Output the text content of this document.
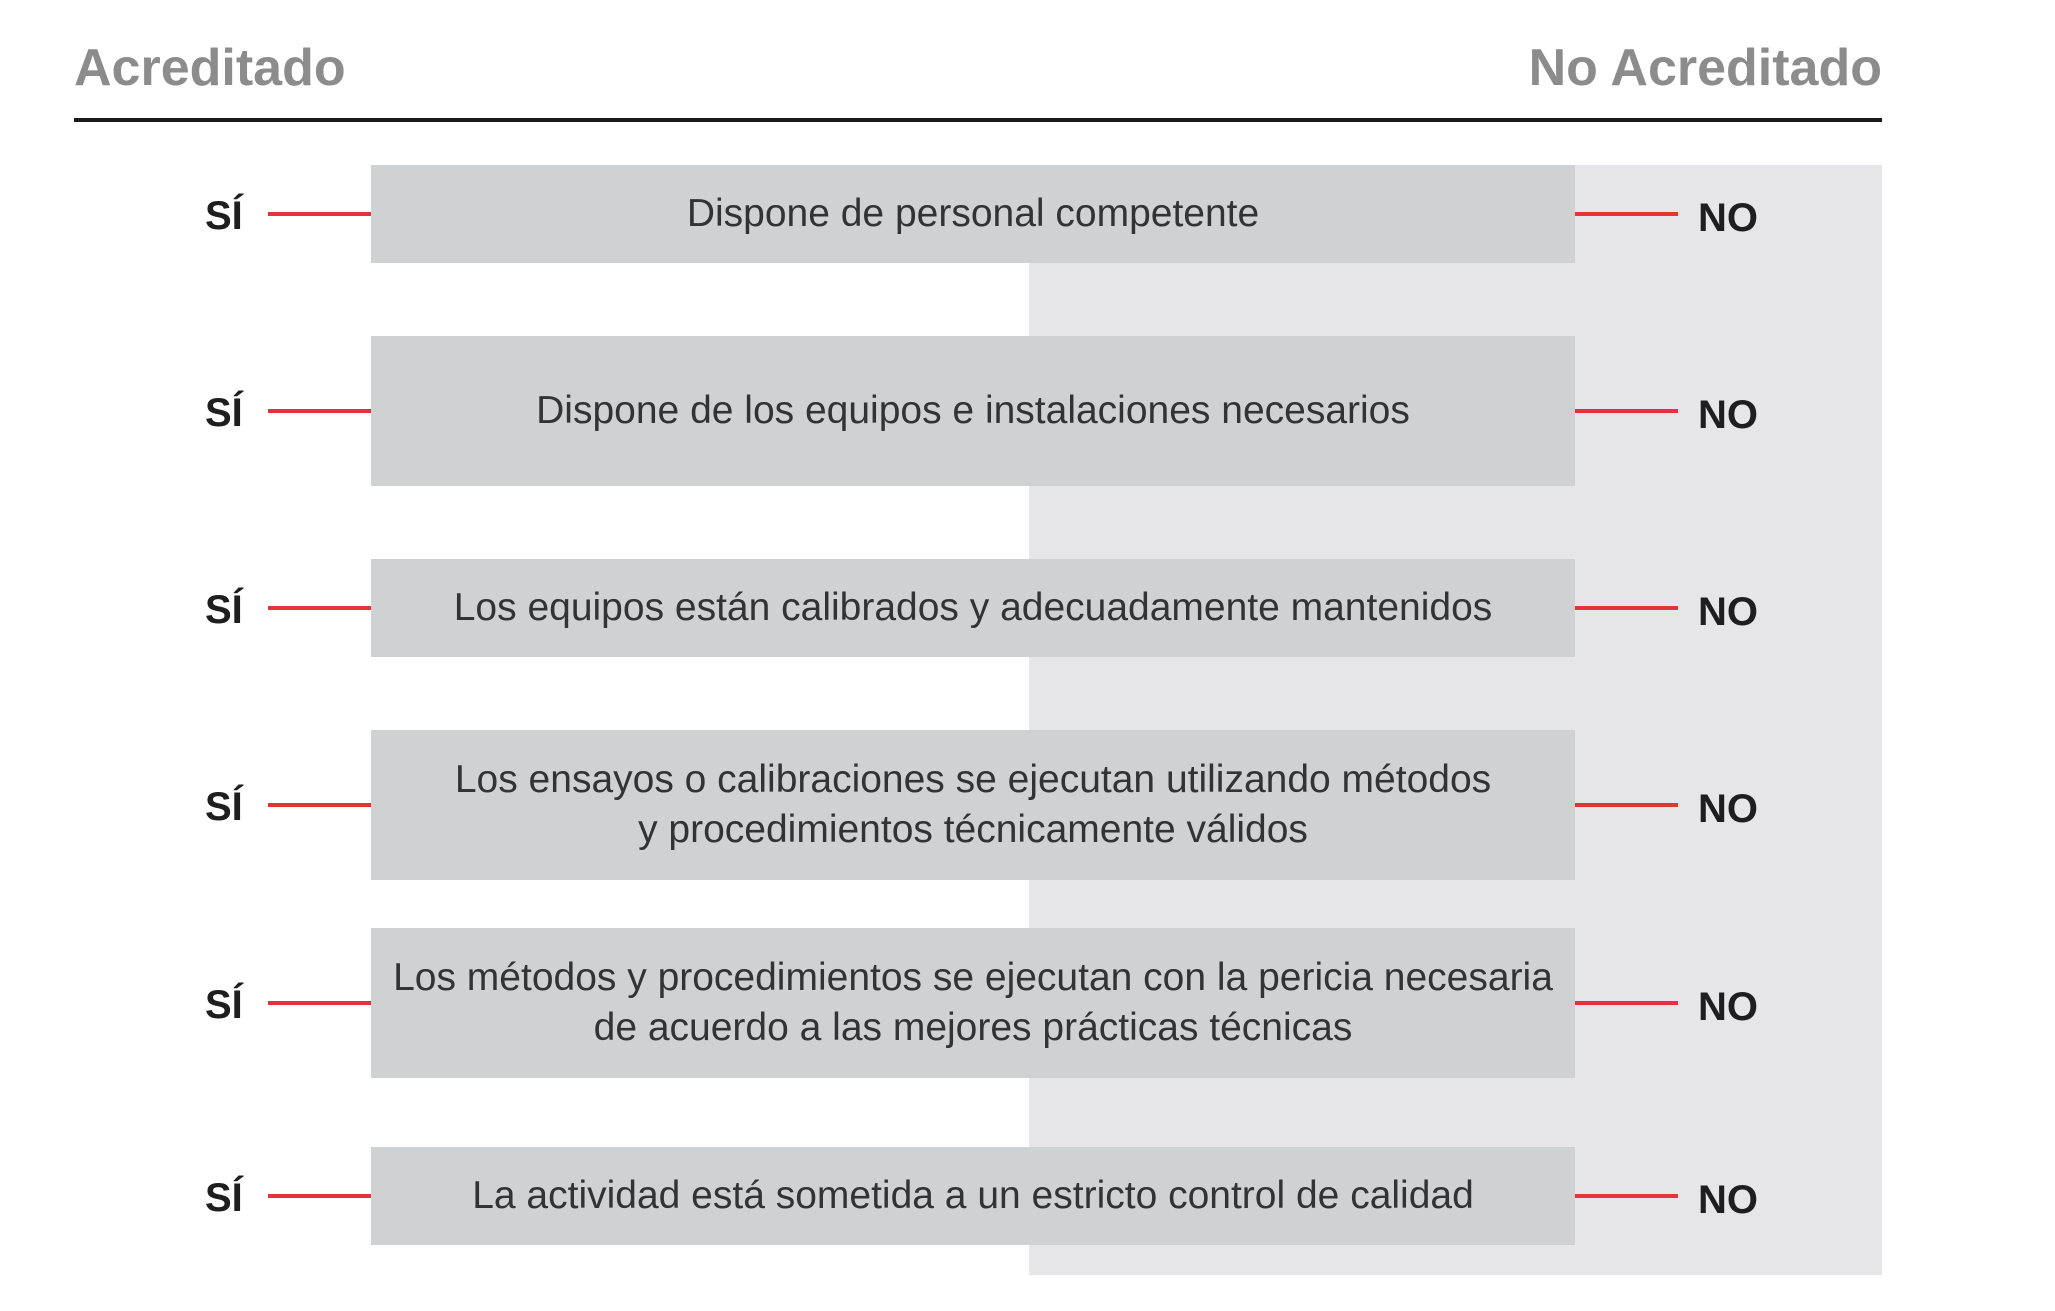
Acreditado	No Acreditado
Dispone de personal competente
SÍ	NO
Dispone de los equipos e instalaciones necesarios
SÍ	NO
Los equipos están calibrados y adecuadamente mantenidos
SÍ	NO
Los ensayos o calibraciones se ejecutan utilizando métodos
y procedimientos técnicamente válidos
SÍ	NO
Los métodos y procedimientos se ejecutan con la pericia necesaria
de acuerdo a las mejores prácticas técnicas
SÍ	NO
La actividad está sometida a un estricto control de calidad
SÍ	NO
